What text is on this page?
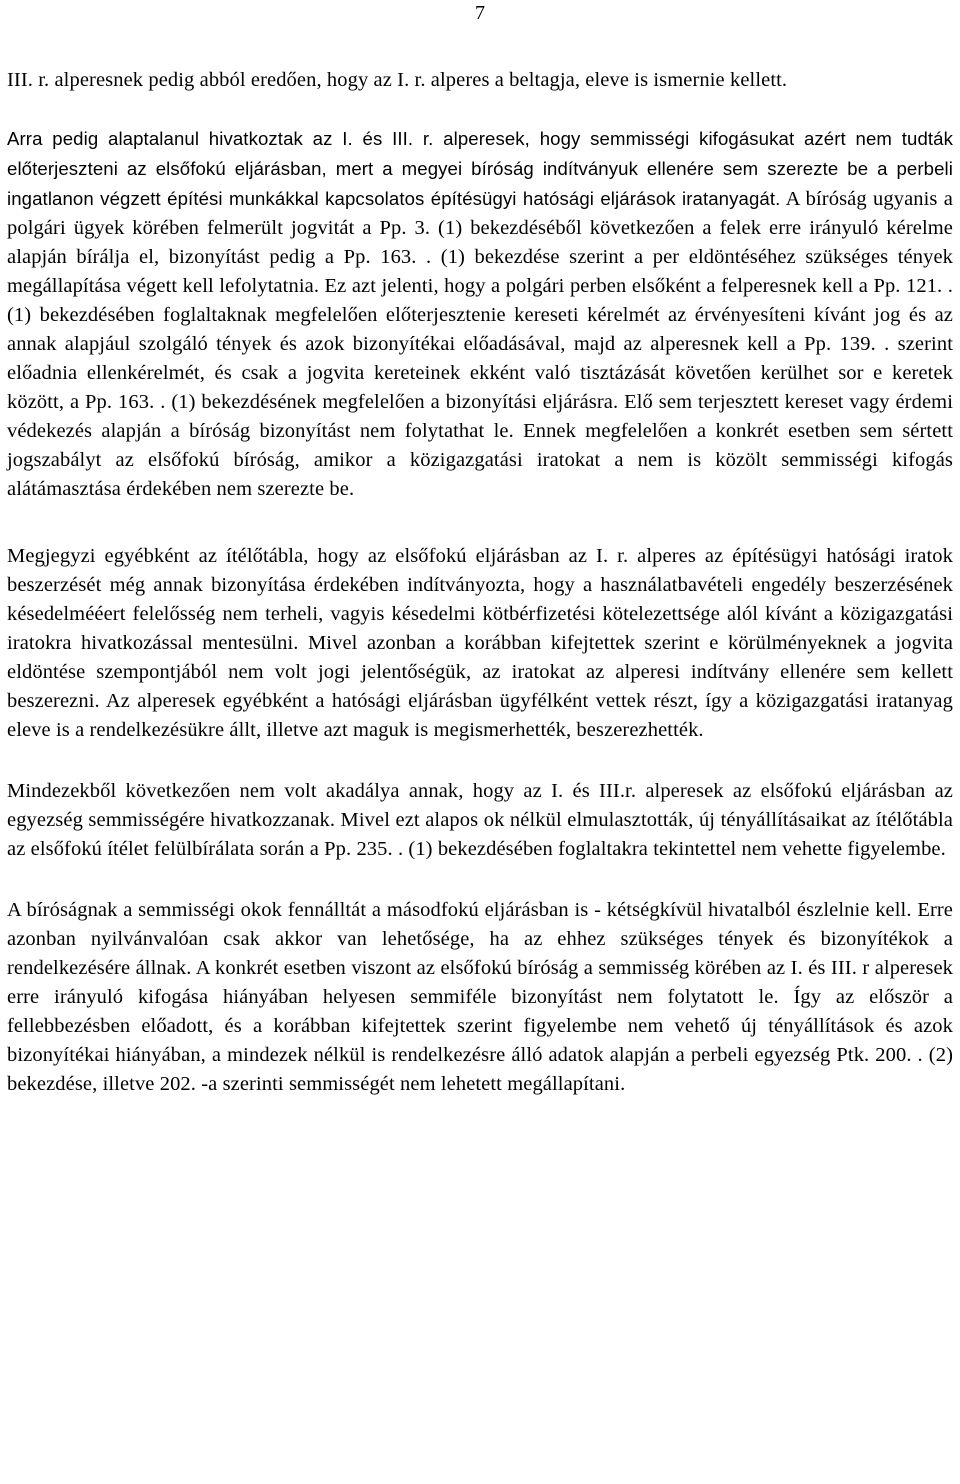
7

III. r. alperesnek pedig abból eredően, hogy az I. r. alperes a beltagja, eleve is ismernie kellett.

Arra pedig alaptalanul hivatkoztak az I. és III. r. alperesek, hogy semmisségi kifogásukat azért nem tudták előterjeszteni az elsőfokú eljárásban, mert a megyei bíróság indítványuk ellenére sem szerezte be a perbeli ingatlanon végzett építési munkákkal kapcsolatos építésügyi hatósági eljárások iratanyagát. A bíróság ugyanis a polgári ügyek körében felmerült jogvitát a Pp. 3. (1) bekezdéséből következően a felek erre irányuló kérelme alapján bírálja el, bizonyítást pedig a Pp. 163. . (1) bekezdése szerint a per eldöntéséhez szükséges tények megállapítása végett kell lefolytatnia. Ez azt jelenti, hogy a polgári perben elsőként a felperesnek kell a Pp. 121. . (1) bekezdésében foglaltaknak megfelelően előterjesztenie kereseti kérelmét az érvényesíteni kívánt jog és az annak alapjául szolgáló tények és azok bizonyítékai előadásával, majd az alperesnek kell a Pp. 139. . szerint előadnia ellenkérelmét, és csak a jogvita kereteinek ekként való tisztázását követően kerülhet sor e keretek között, a Pp. 163. . (1) bekezdésének megfelelően a bizonyítási eljárásra. Elő sem terjesztett kereset vagy érdemi védekezés alapján a bíróság bizonyítást nem folytathat le. Ennek megfelelően a konkrét esetben sem sértett jogszabályt az elsőfokú bíróság, amikor a közigazgatási iratokat a nem is közölt semmisségi kifogás alátámasztása érdekében nem szerezte be.

Megjegyzi egyébként az ítélőtábla, hogy az elsőfokú eljárásban az I. r. alperes az építésügyi hatósági iratok beszerzését még annak bizonyítása érdekében indítványozta, hogy a használatbavételi engedély beszerzésének késedelmééert felelősség nem terheli, vagyis késedelmi kötbérfizetési kötelezettsége alól kívánt a közigazgatási iratokra hivatkozással mentesülni. Mivel azonban a korábban kifejtettek szerint e körülményeknek a jogvita eldöntése szempontjából nem volt jogi jelentőségük, az iratokat az alperesi indítvány ellenére sem kellett beszerezni. Az alperesek egyébként a hatósági eljárásban ügyfélként vettek részt, így a közigazgatási iratanyag eleve is a rendelkezésükre állt, illetve azt maguk is megismerhették, beszerezhették.

Mindezekből következően nem volt akadálya annak, hogy az I. és III.r. alperesek az elsőfokú eljárásban az egyezség semmisségére hivatkozzanak. Mivel ezt alapos ok nélkül elmulasztották, új tényállításaikat az ítélőtábla az elsőfokú ítélet felülbírálata során a Pp. 235. . (1) bekezdésében foglaltakra tekintettel nem vehette figyelembe.

A bíróságnak a semmisségi okok fennálltát a másodfokú eljárásban is - kétségkívül hivatalból észlelnie kell. Erre azonban nyilvánvalóan csak akkor van lehetősége, ha az ehhez szükséges tények és bizonyítékok a rendelkezésére állnak. A konkrét esetben viszont az elsőfokú bíróság a semmisség körében az I. és III. r alperesek erre irányuló kifogása hiányában helyesen semmiféle bizonyítást nem folytatott le. Így az először a fellebbezésben előadott, és a korábban kifejtettek szerint figyelembe nem vehető új tényállítások és azok bizonyítékai hiányában, a mindezek nélkül is rendelkezésre álló adatok alapján a perbeli egyezség Ptk. 200. . (2) bekezdése, illetve 202. -a szerinti semmisségét nem lehetett megállapítani.
